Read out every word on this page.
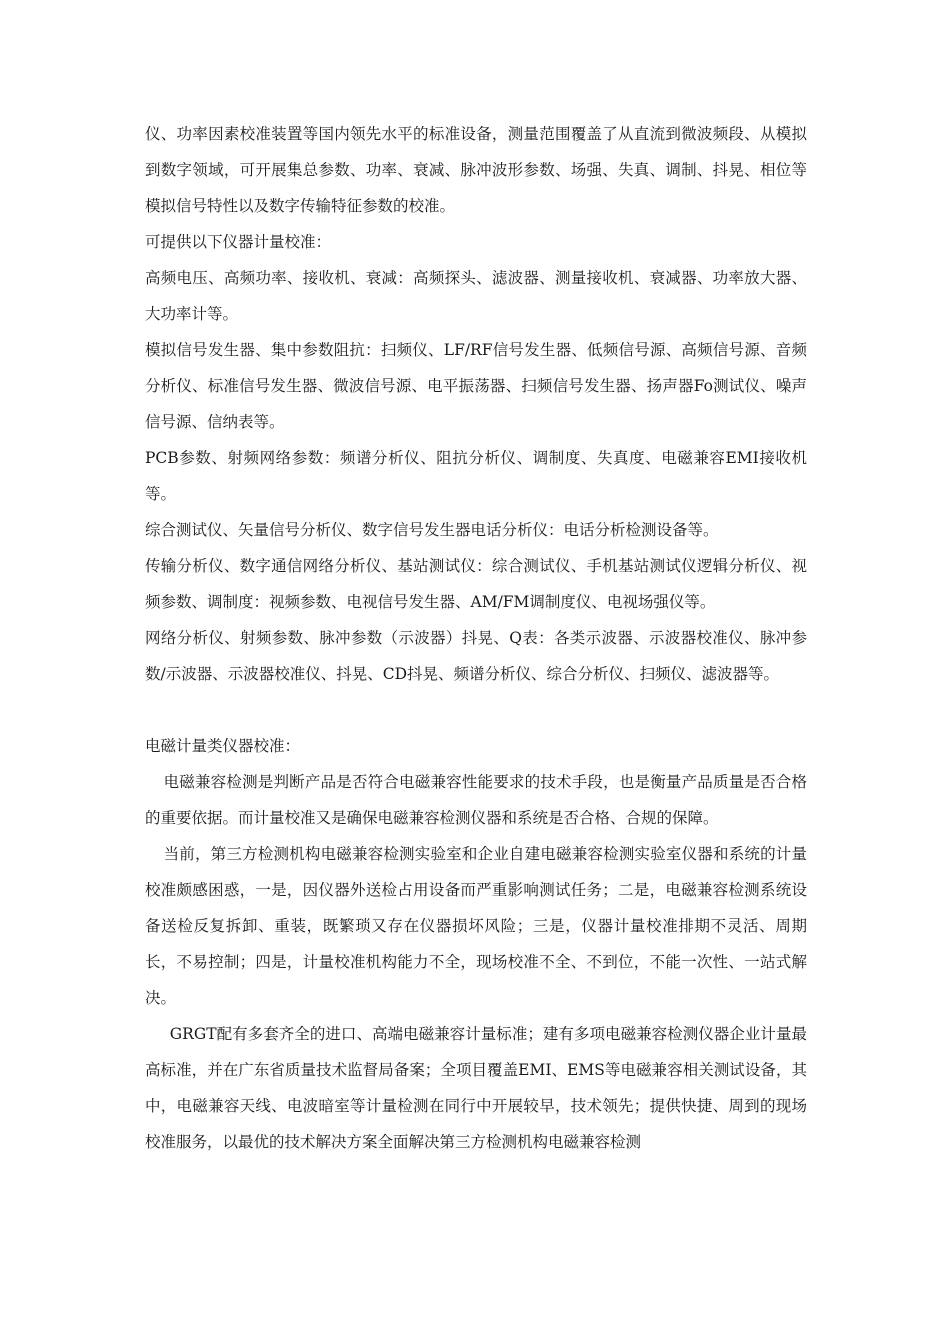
仪、功率因素校准装置等国内领先水平的标准设备，测量范围覆盖了从直流到微波频段、从模拟到数字领域，可开展集总参数、功率、衰减、脉冲波形参数、场强、失真、调制、抖晃、相位等模拟信号特性以及数字传输特征参数的校准。

可提供以下仪器计量校准：

高频电压、高频功率、接收机、衰减：高频探头、滤波器、测量接收机、衰减器、功率放大器、大功率计等。

模拟信号发生器、集中参数阻抗：扫频仪、LF/RF信号发生器、低频信号源、高频信号源、音频分析仪、标准信号发生器、微波信号源、电平振荡器、扫频信号发生器、扬声器Fo测试仪、噪声信号源、信纳表等。

PCB参数、射频网络参数：频谱分析仪、阻抗分析仪、调制度、失真度、电磁兼容EMI接收机等。

综合测试仪、矢量信号分析仪、数字信号发生器电话分析仪：电话分析检测设备等。

传输分析仪、数字通信网络分析仪、基站测试仪：综合测试仪、手机基站测试仪逻辑分析仪、视频参数、调制度：视频参数、电视信号发生器、AM/FM调制度仪、电视场强仪等。

网络分析仪、射频参数、脉冲参数（示波器）抖晃、Q表：各类示波器、示波器校准仪、脉冲参数/示波器、示波器校准仪、抖晃、CD抖晃、频谱分析仪、综合分析仪、扫频仪、滤波器等。

电磁计量类仪器校准：

电磁兼容检测是判断产品是否符合电磁兼容性能要求的技术手段，也是衡量产品质量是否合格的重要依据。而计量校准又是确保电磁兼容检测仪器和系统是否合格、合规的保障。

当前，第三方检测机构电磁兼容检测实验室和企业自建电磁兼容检测实验室仪器和系统的计量校准颇感困惑，一是，因仪器外送检占用设备而严重影响测试任务；二是，电磁兼容检测系统设备送检反复拆卸、重装，既繁琐又存在仪器损坏风险；三是，仪器计量校准排期不灵活、周期长，不易控制；四是，计量校准机构能力不全，现场校准不全、不到位，不能一次性、一站式解决。

GRGT配有多套齐全的进口、高端电磁兼容计量标准；建有多项电磁兼容检测仪器企业计量最高标准，并在广东省质量技术监督局备案；全项目覆盖EMI、EMS等电磁兼容相关测试设备，其中，电磁兼容天线、电波暗室等计量检测在同行中开展较早，技术领先；提供快捷、周到的现场校准服务，以最优的技术解决方案全面解决第三方检测机构电磁兼容检测
